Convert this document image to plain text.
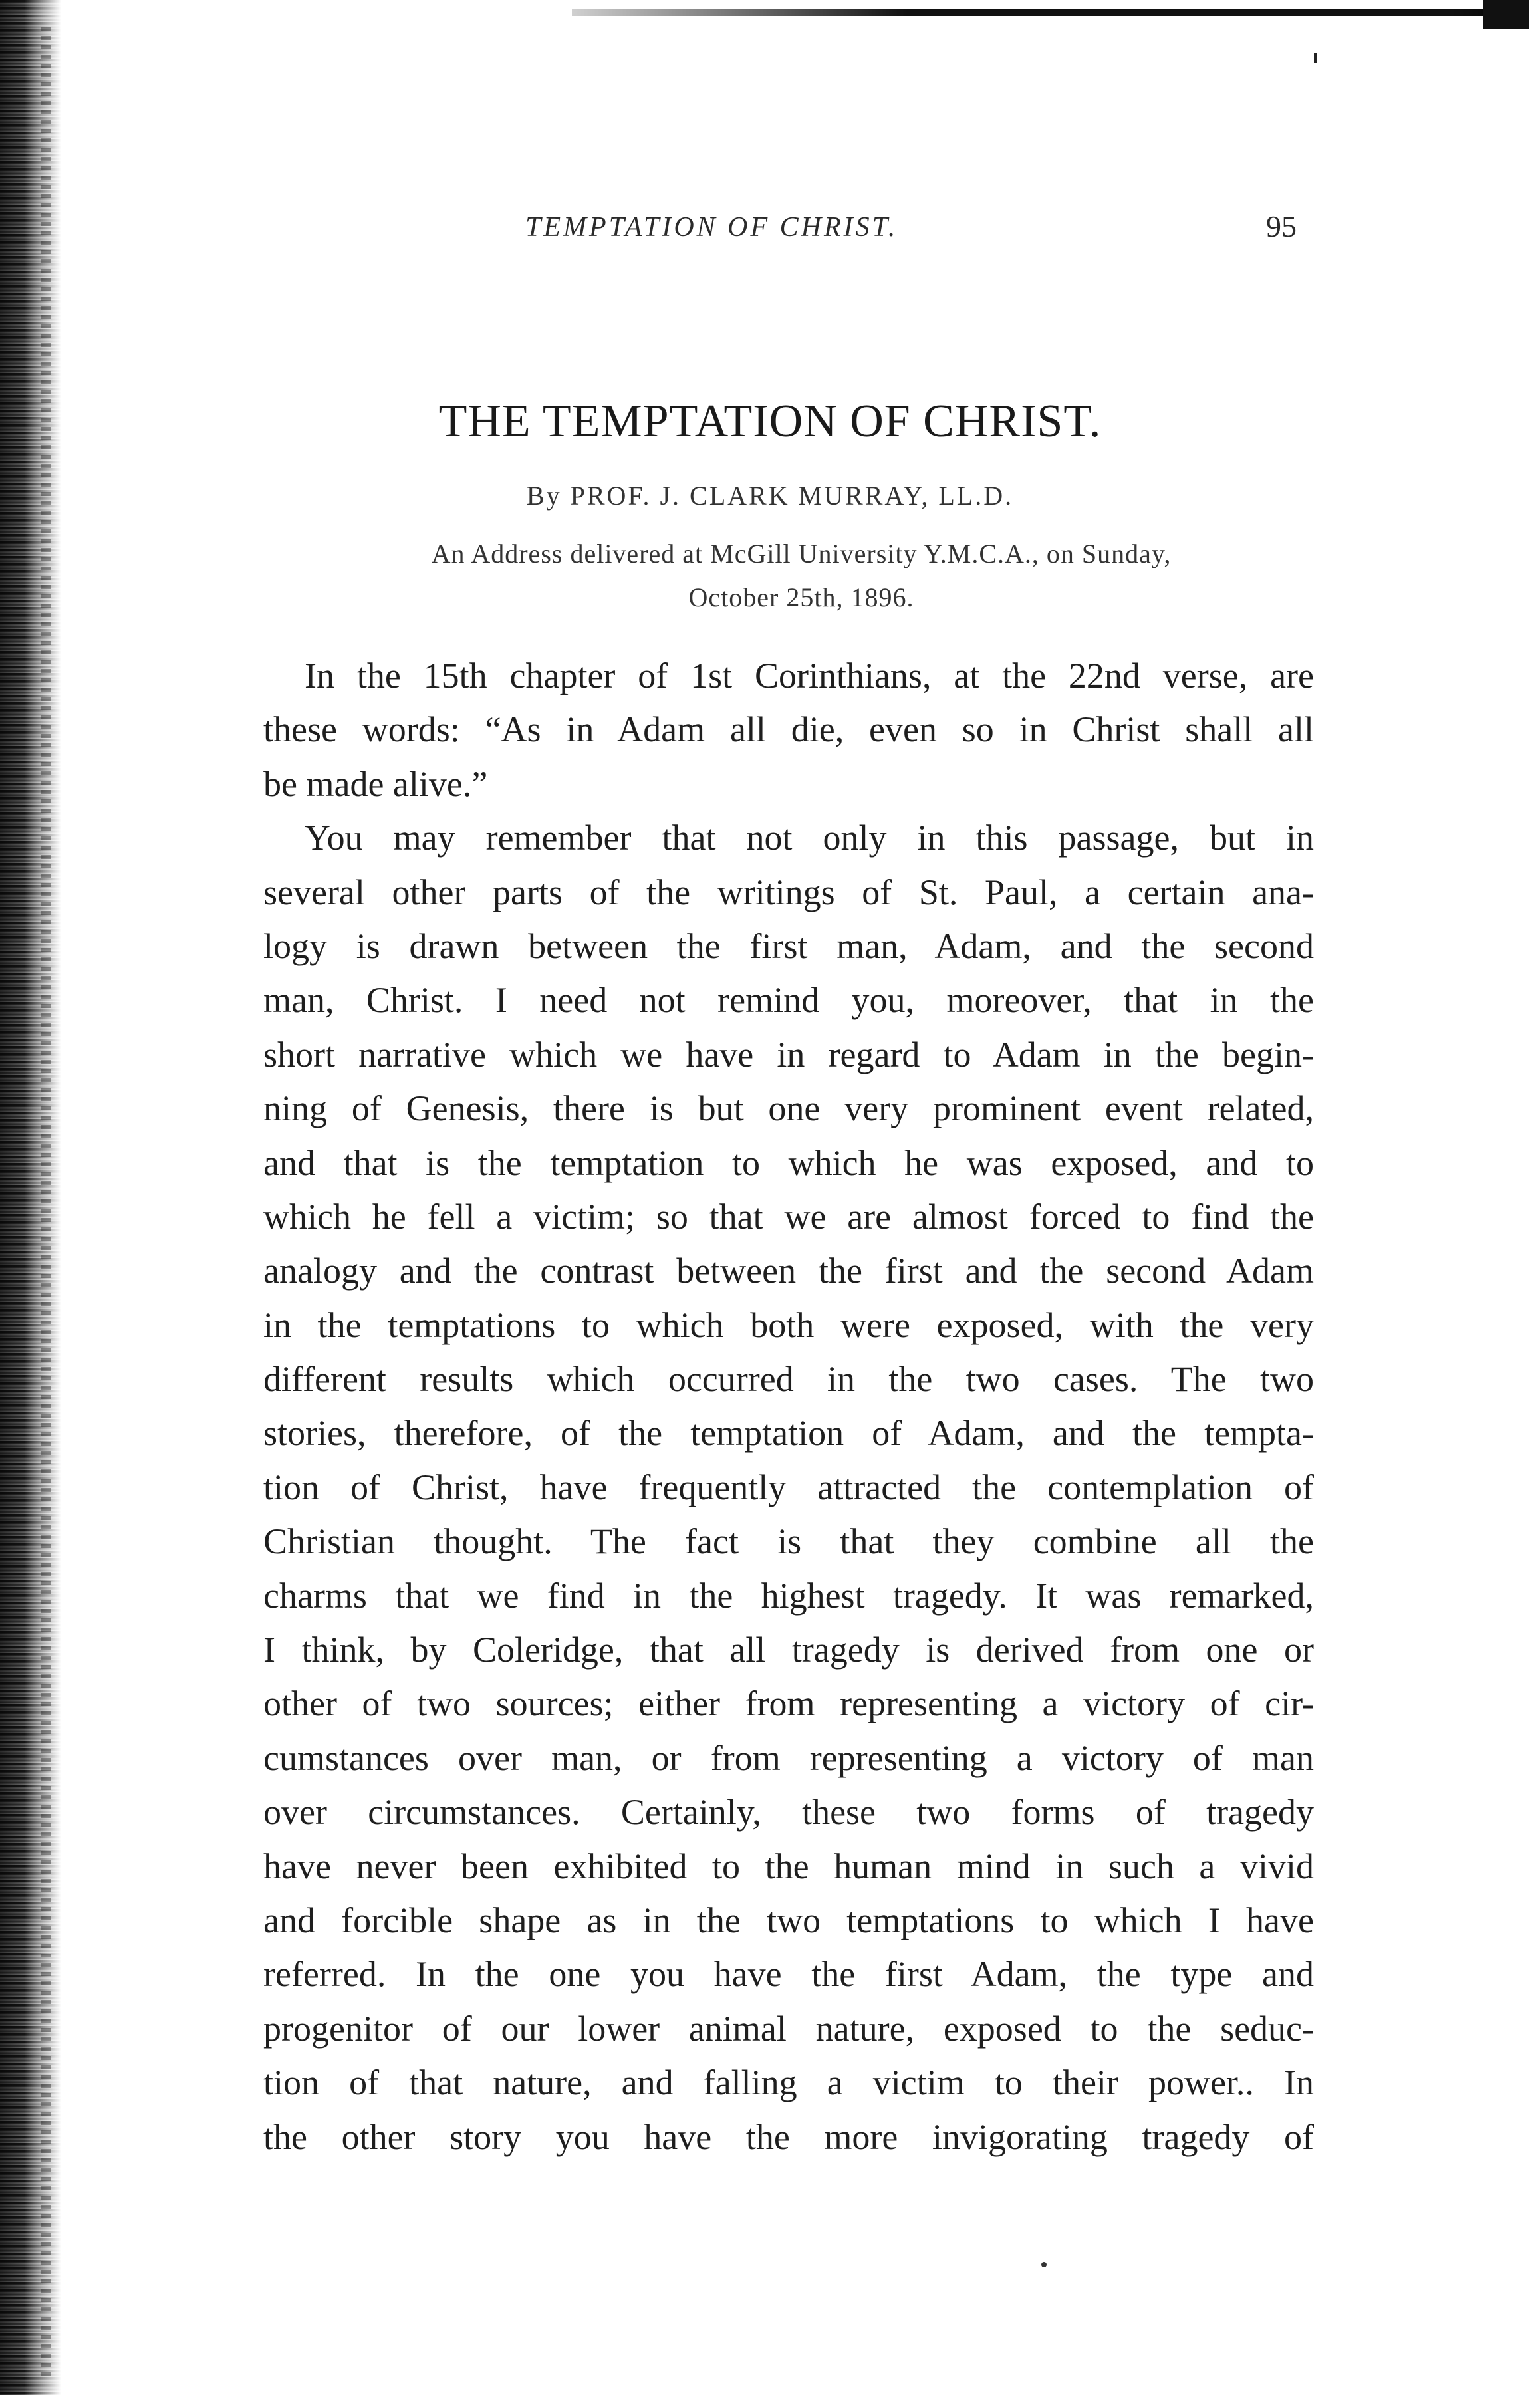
TEMPTATION OF CHRIST.	95
THE TEMPTATION OF CHRIST.
By PROF. J. CLARK MURRAY, LL.D.
An Address delivered at McGill University Y.M.C.A., on Sunday,
October 25th, 1896.
In the 15th chapter of 1st Corinthians, at the 22nd verse, are
these words: “As in Adam all die, even so in Christ shall all
be made alive.”
You may remember that not only in this passage, but in
several other parts of the writings of St. Paul, a certain ana-
logy is drawn between the first man, Adam, and the second
man, Christ. I need not remind you, moreover, that in the
short narrative which we have in regard to Adam in the begin-
ning of Genesis, there is but one very prominent event related,
and that is the temptation to which he was exposed, and to
which he fell a victim; so that we are almost forced to find the
analogy and the contrast between the first and the second Adam
in the temptations to which both were exposed, with the very
different results which occurred in the two cases. The two
stories, therefore, of the temptation of Adam, and the tempta-
tion of Christ, have frequently attracted the contemplation of
Christian thought. The fact is that they combine all the
charms that we find in the highest tragedy. It was remarked,
I think, by Coleridge, that all tragedy is derived from one or
other of two sources; either from representing a victory of cir-
cumstances over man, or from representing a victory of man
over circumstances. Certainly, these two forms of tragedy
have never been exhibited to the human mind in such a vivid
and forcible shape as in the two temptations to which I have
referred. In the one you have the first Adam, the type and
progenitor of our lower animal nature, exposed to the seduc-
tion of that nature, and falling a victim to their power.. In
the other story you have the more invigorating tragedy of
